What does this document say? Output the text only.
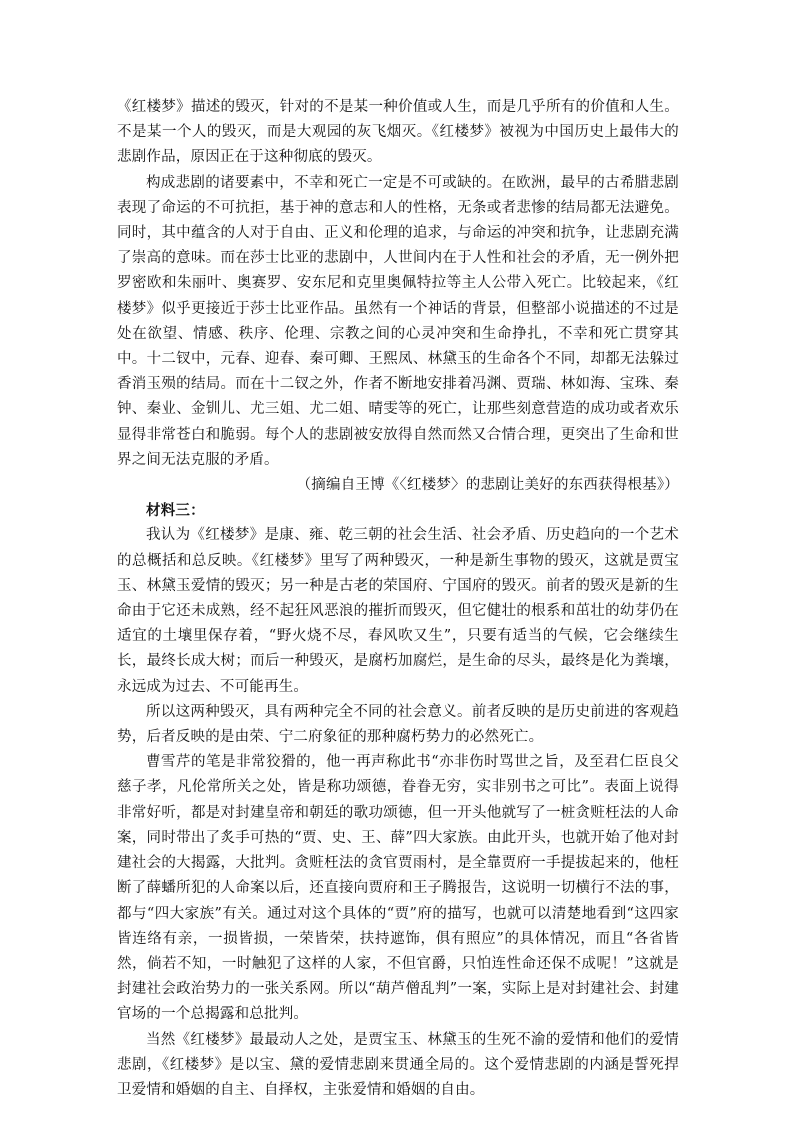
《红楼梦》描述的毁灭，针对的不是某一种价值或人生，而是几乎所有的价值和人生。不是某一个人的毁灭，而是大观园的灰飞烟灭。《红楼梦》被视为中国历史上最伟大的悲剧作品，原因正在于这种彻底的毁灭。

构成悲剧的诸要素中，不幸和死亡一定是不可或缺的。在欧洲，最早的古希腊悲剧表现了命运的不可抗拒，基于神的意志和人的性格，无条或者悲惨的结局都无法避免。同时，其中蕴含的人对于自由、正义和伦理的追求，与命运的冲突和抗争，让悲剧充满了崇高的意味。而在莎士比亚的悲剧中，人世间内在于人性和社会的矛盾，无一例外把罗密欧和朱丽叶、奥赛罗、安东尼和克里奥佩特拉等主人公带入死亡。比较起来，《红楼梦》似乎更接近于莎士比亚作品。虽然有一个神话的背景，但整部小说描述的不过是处在欲望、情感、秩序、伦理、宗教之间的心灵冲突和生命挣扎，不幸和死亡贯穿其中。十二钗中，元春、迎春、秦可卿、王熙凤、林黛玉的生命各个不同，却都无法躲过香消玉殒的结局。而在十二钗之外，作者不断地安排着冯渊、贾瑞、林如海、宝珠、秦钟、秦业、金钏儿、尤三姐、尤二姐、晴雯等的死亡，让那些刻意营造的成功或者欢乐显得非常苍白和脆弱。每个人的悲剧被安放得自然而然又合情合理，更突出了生命和世界之间无法克服的矛盾。

（摘编自王博《〈红楼梦〉的悲剧让美好的东西获得根基》）

材料三：

我认为《红楼梦》是康、雍、乾三朝的社会生活、社会矛盾、历史趋向的一个艺术的总概括和总反映。《红楼梦》里写了两种毁灭，一种是新生事物的毁灭，这就是贾宝玉、林黛玉爱情的毁灭；另一种是古老的荣国府、宁国府的毁灭。前者的毁灭是新的生命由于它还未成熟，经不起狂风恶浪的摧折而毁灭，但它健壮的根系和茁壮的幼芽仍在适宜的土壤里保存着，“野火烧不尽，春风吹又生”，只要有适当的气候，它会继续生长，最终长成大树；而后一种毁灭，是腐朽加腐烂，是生命的尽头，最终是化为粪壤，永远成为过去、不可能再生。

所以这两种毁灭，具有两种完全不同的社会意义。前者反映的是历史前进的客观趋势，后者反映的是由荣、宁二府象征的那种腐朽势力的必然死亡。

曹雪芹的笔是非常狡猾的，他一再声称此书“亦非伤时骂世之旨，及至君仁臣良父慈子孝，凡伦常所关之处，皆是称功颂德，眷眷无穷，实非别书之可比”。表面上说得非常好听，都是对封建皇帝和朝廷的歌功颂德，但一开头他就写了一桩贪赃枉法的人命案，同时带出了炙手可热的“贾、史、王、薛”四大家族。由此开头，也就开始了他对封建社会的大揭露，大批判。贪赃枉法的贪官贾雨村，是全靠贾府一手提拔起来的，他枉断了薛蟠所犯的人命案以后，还直接向贾府和王子腾报告，这说明一切横行不法的事，都与“四大家族”有关。通过对这个具体的“贾”府的描写，也就可以清楚地看到“这四家皆连络有亲，一损皆损，一荣皆荣，扶持遮饰，俱有照应”的具体情况，而且“各省皆然，倘若不知，一时触犯了这样的人家，不但官爵，只怕连性命还保不成呢！”这就是封建社会政治势力的一张关系网。所以“葫芦僧乱判”一案，实际上是对封建社会、封建官场的一个总揭露和总批判。

当然《红楼梦》最最动人之处，是贾宝玉、林黛玉的生死不渝的爱情和他们的爱情悲剧，《红楼梦》是以宝、黛的爱情悲剧来贯通全局的。这个爱情悲剧的内涵是誓死捍卫爱情和婚姻的自主、自择权，主张爱情和婚姻的自由。
